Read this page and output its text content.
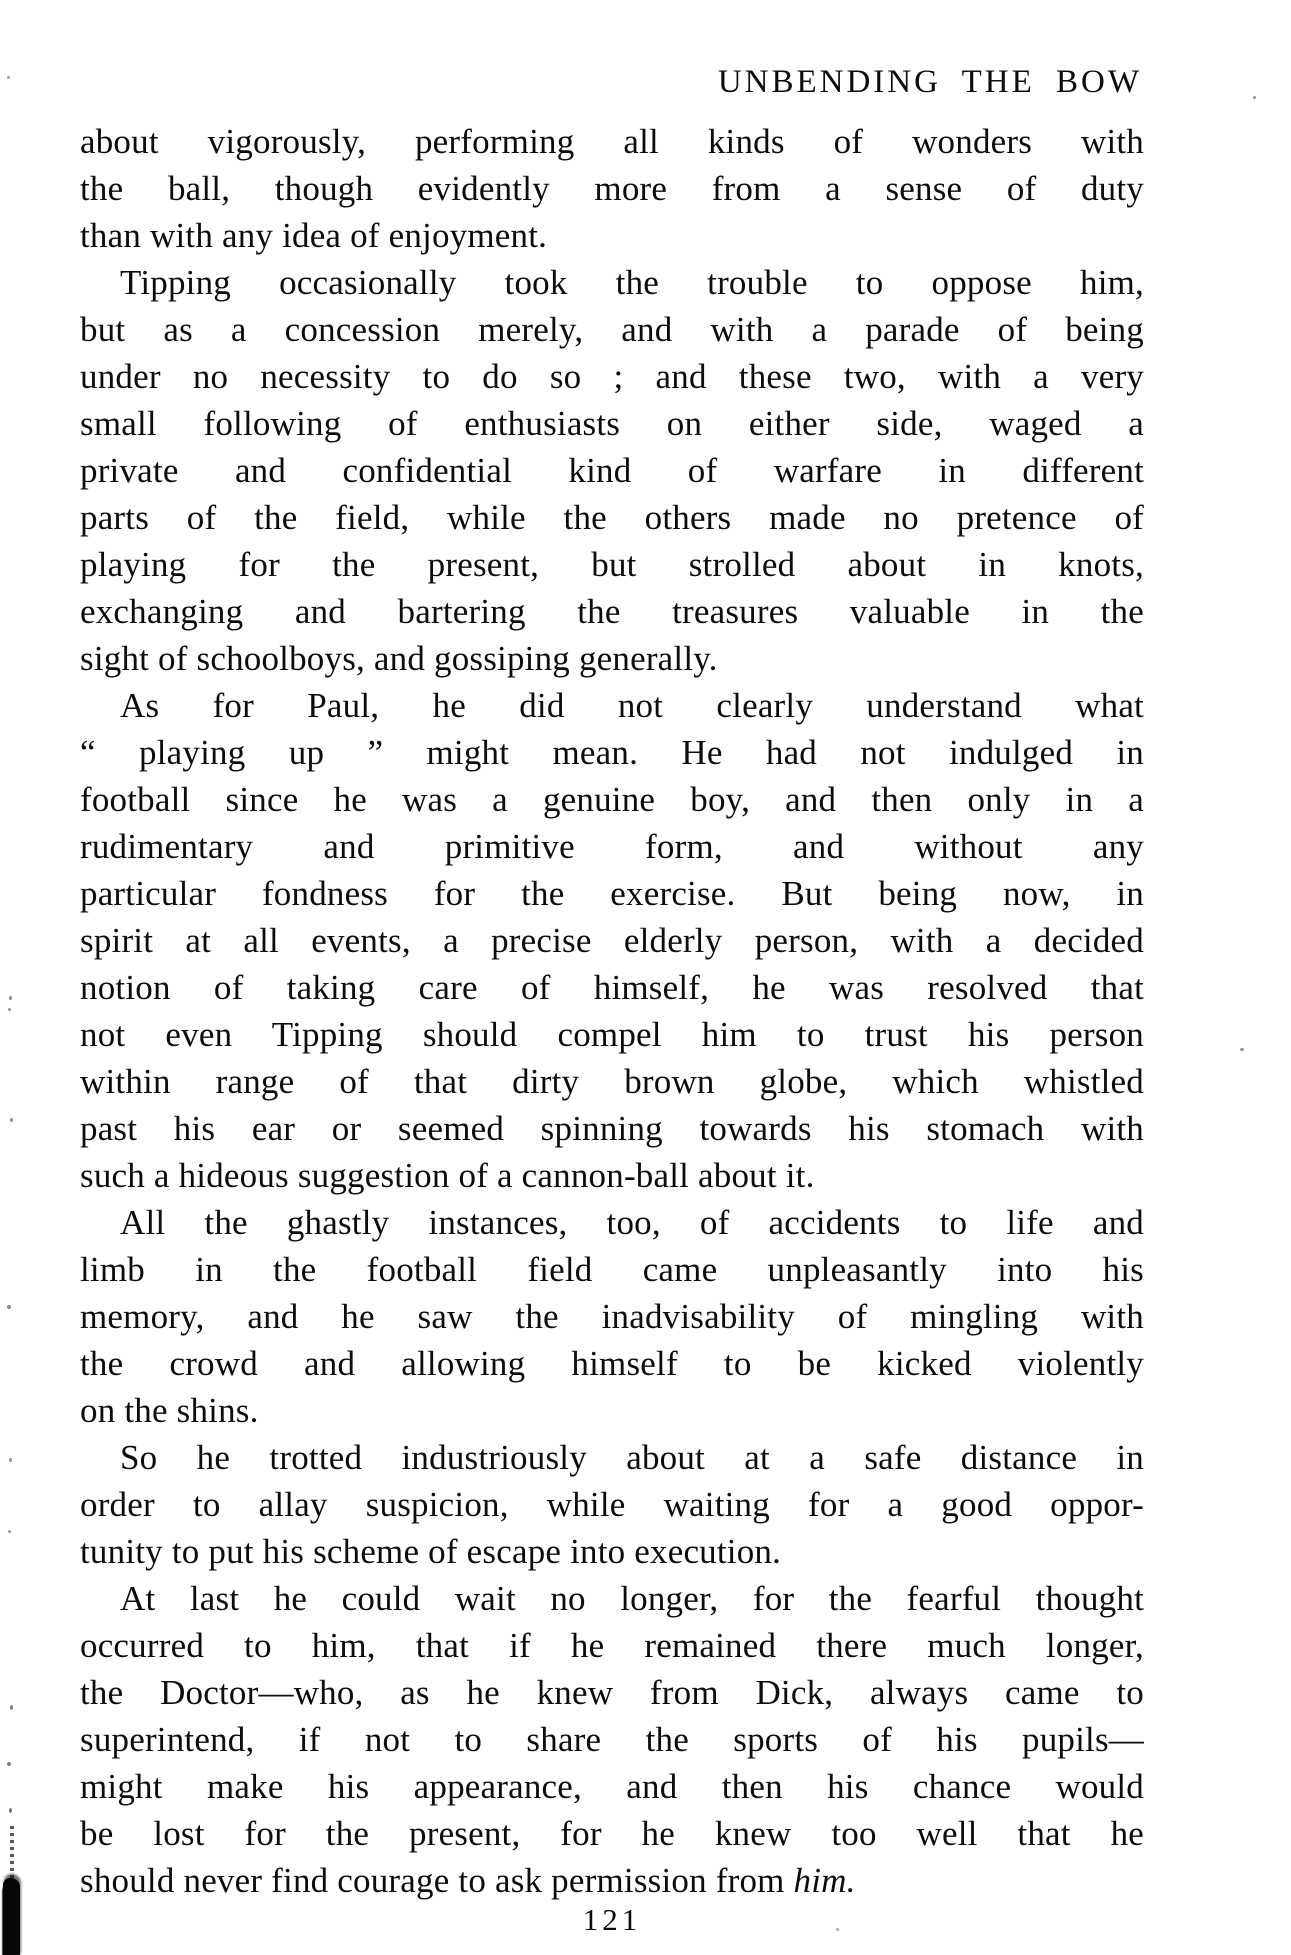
UNBENDING THE BOW
about vigorously, performing all kinds of wonders with
the ball, though evidently more from a sense of duty
than with any idea of enjoyment.
Tipping occasionally took the trouble to oppose him,
but as a concession merely, and with a parade of being
under no necessity to do so ; and these two, with a very
small following of enthusiasts on either side, waged a
private and confidential kind of warfare in different
parts of the field, while the others made no pretence of
playing for the present, but strolled about in knots,
exchanging and bartering the treasures valuable in the
sight of schoolboys, and gossiping generally.
As for Paul, he did not clearly understand what
“ playing up ” might mean. He had not indulged in
football since he was a genuine boy, and then only in a
rudimentary and primitive form, and without any
particular fondness for the exercise. But being now, in
spirit at all events, a precise elderly person, with a decided
notion of taking care of himself, he was resolved that
not even Tipping should compel him to trust his person
within range of that dirty brown globe, which whistled
past his ear or seemed spinning towards his stomach with
such a hideous suggestion of a cannon-ball about it.
All the ghastly instances, too, of accidents to life and
limb in the football field came unpleasantly into his
memory, and he saw the inadvisability of mingling with
the crowd and allowing himself to be kicked violently
on the shins.
So he trotted industriously about at a safe distance in
order to allay suspicion, while waiting for a good oppor-
tunity to put his scheme of escape into execution.
At last he could wait no longer, for the fearful thought
occurred to him, that if he remained there much longer,
the Doctor—who, as he knew from Dick, always came to
superintend, if not to share the sports of his pupils—
might make his appearance, and then his chance would
be lost for the present, for he knew too well that he
should never find courage to ask permission from him.
121
